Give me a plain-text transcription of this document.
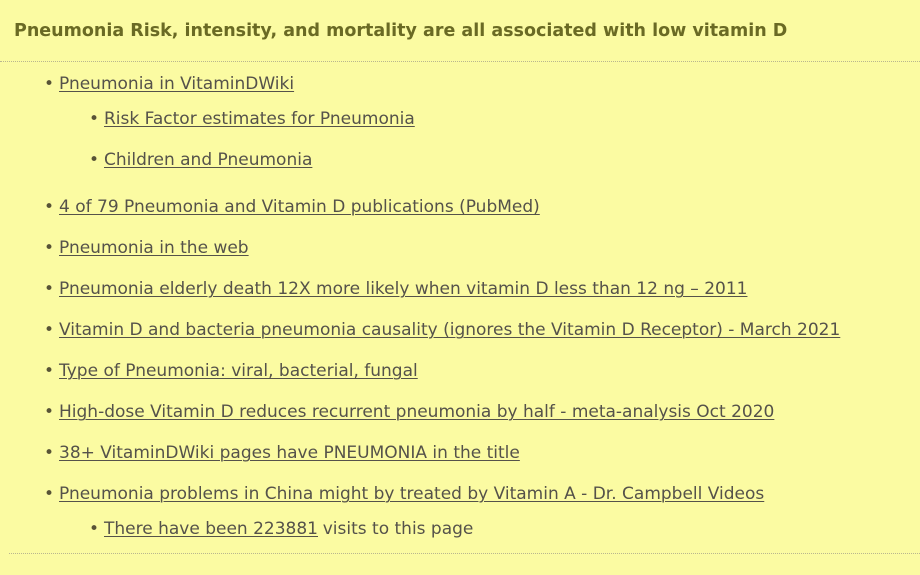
Pneumonia Risk, intensity, and mortality are all associated with low vitamin D
• Pneumonia in VitaminDWiki
• Risk Factor estimates for Pneumonia
• Children and Pneumonia
• 4 of 79 Pneumonia and Vitamin D publications (PubMed)
• Pneumonia in the web
• Pneumonia elderly death 12X more likely when vitamin D less than 12 ng – 2011
• Vitamin D and bacteria pneumonia causality (ignores the Vitamin D Receptor) - March 2021
• Type of Pneumonia: viral, bacterial, fungal
• High-dose Vitamin D reduces recurrent pneumonia by half - meta-analysis Oct 2020
• 38+ VitaminDWiki pages have PNEUMONIA in the title
• Pneumonia problems in China might by treated by Vitamin A - Dr. Campbell Videos
• There have been 223881 visits to this page
